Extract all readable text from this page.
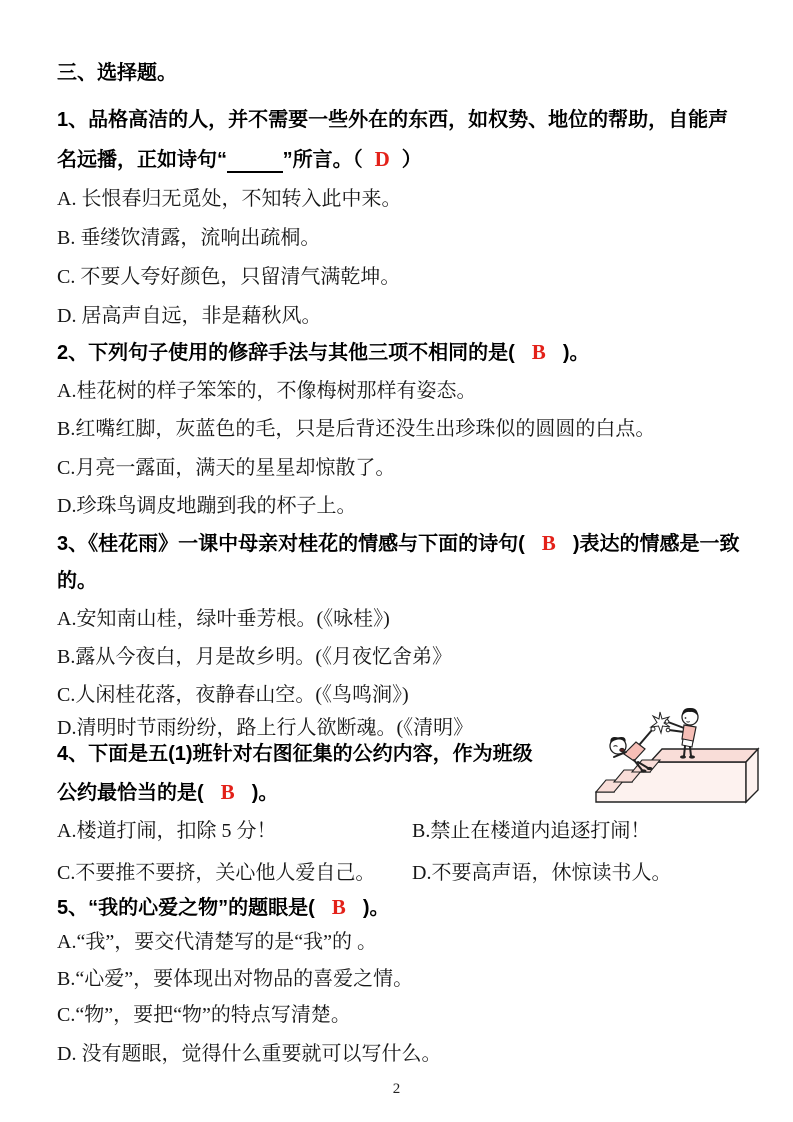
三、选择题。
1、品格高洁的人，并不需要一些外在的东西，如权势、地位的帮助，自能声
名远播，正如诗句“	”所言。（ D ）
A. 长恨春归无觅处，不知转入此中来。
B. 垂缕饮清露，流响出疏桐。
C. 不要人夸好颜色，只留清气满乾坤。
D. 居高声自远，非是藉秋风。
2、下列句子使用的修辞手法与其他三项不相同的是( B )。
A.桂花树的样子笨笨的，不像梅树那样有姿态。
B.红嘴红脚，灰蓝色的毛，只是后背还没生出珍珠似的圆圆的白点。
C.月亮一露面，满天的星星却惊散了。
D.珍珠鸟调皮地蹦到我的杯子上。
3、《桂花雨》一课中母亲对桂花的情感与下面的诗句( B )表达的情感是一致
的。
A.安知南山桂，绿叶垂芳根。(《咏桂》)
B.露从今夜白，月是故乡明。(《月夜忆舍弟》
C.人闲桂花落，夜静春山空。(《鸟鸣涧》)
D.清明时节雨纷纷，路上行人欲断魂。(《清明》
4、下面是五(1)班针对右图征集的公约内容，作为班级
公约最恰当的是( B )。
A.楼道打闹，扣除 5 分！	B.禁止在楼道内追逐打闹！
C.不要推不要挤，关心他人爱自己。 D.不要高声语，休惊读书人。
5、“我的心爱之物”的题眼是( B )。
A.“我”，要交代清楚写的是“我”的 。
B.“心爱”，要体现出对物品的喜爱之情。
C.“物”，要把“物”的特点写清楚。
D. 没有题眼，觉得什么重要就可以写什么。
2
